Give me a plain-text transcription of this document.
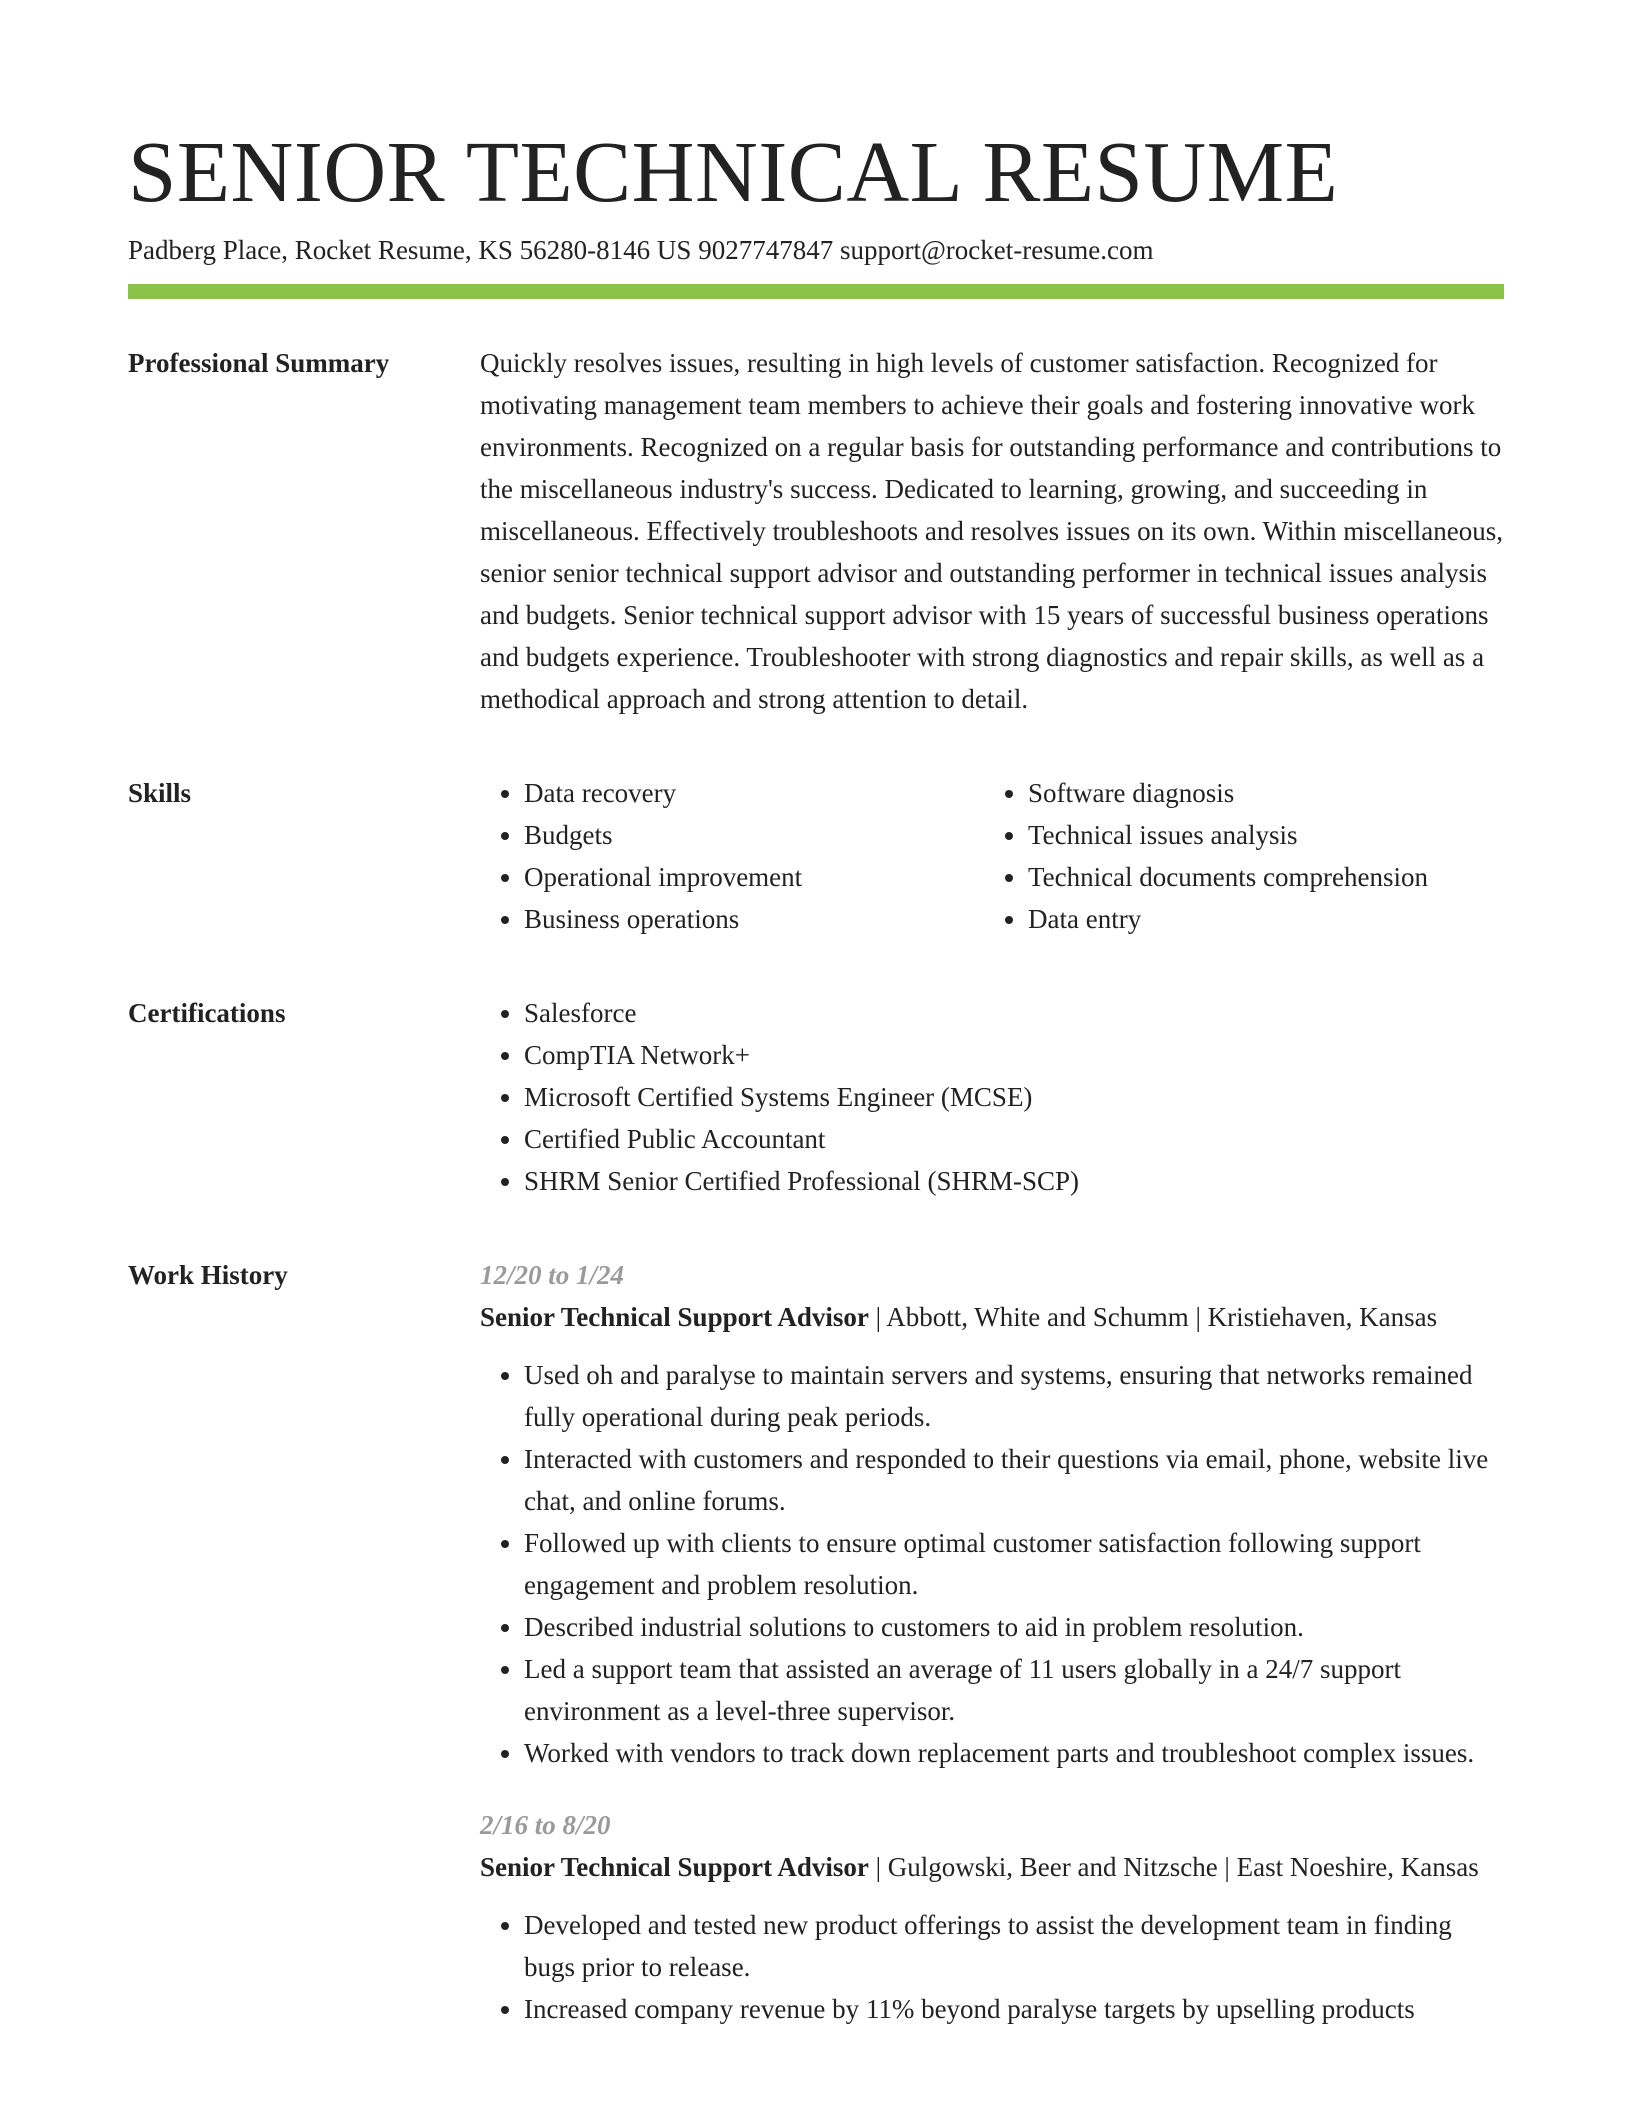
SENIOR TECHNICAL RESUME
Padberg Place, Rocket Resume, KS 56280-8146 US 9027747847 support@rocket-resume.com
Professional Summary	Quickly resolves issues, resulting in high levels of customer satisfaction. Recognized for motivating management team members to achieve their goals and fostering innovative work environments. Recognized on a regular basis for outstanding performance and contributions to the miscellaneous industry's success. Dedicated to learning, growing, and succeeding in miscellaneous. Effectively troubleshoots and resolves issues on its own. Within miscellaneous, senior senior technical support advisor and outstanding performer in technical issues analysis and budgets. Senior technical support advisor with 15 years of successful business operations and budgets experience. Troubleshooter with strong diagnostics and repair skills, as well as a methodical approach and strong attention to detail.

Skills	• Data recovery
• Budgets
• Operational improvement
• Business operations
• Software diagnosis
• Technical issues analysis
• Technical documents comprehension
• Data entry
Certifications	• Salesforce
• CompTIA Network+
• Microsoft Certified Systems Engineer (MCSE)
• Certified Public Accountant
• SHRM Senior Certified Professional (SHRM-SCP)
Work History	12/20 to 1/24
Senior Technical Support Advisor | Abbott, White and Schumm | Kristiehaven, Kansas
• Used oh and paralyse to maintain servers and systems, ensuring that networks remained fully operational during peak periods.
• Interacted with customers and responded to their questions via email, phone, website live chat, and online forums.
• Followed up with clients to ensure optimal customer satisfaction following support engagement and problem resolution.
• Described industrial solutions to customers to aid in problem resolution.
• Led a support team that assisted an average of 11 users globally in a 24/7 support environment as a level-three supervisor.
• Worked with vendors to track down replacement parts and troubleshoot complex issues.
2/16 to 8/20
Senior Technical Support Advisor | Gulgowski, Beer and Nitzsche | East Noeshire, Kansas
• Developed and tested new product offerings to assist the development team in finding bugs prior to release.
• Increased company revenue by 11% beyond paralyse targets by upselling products
